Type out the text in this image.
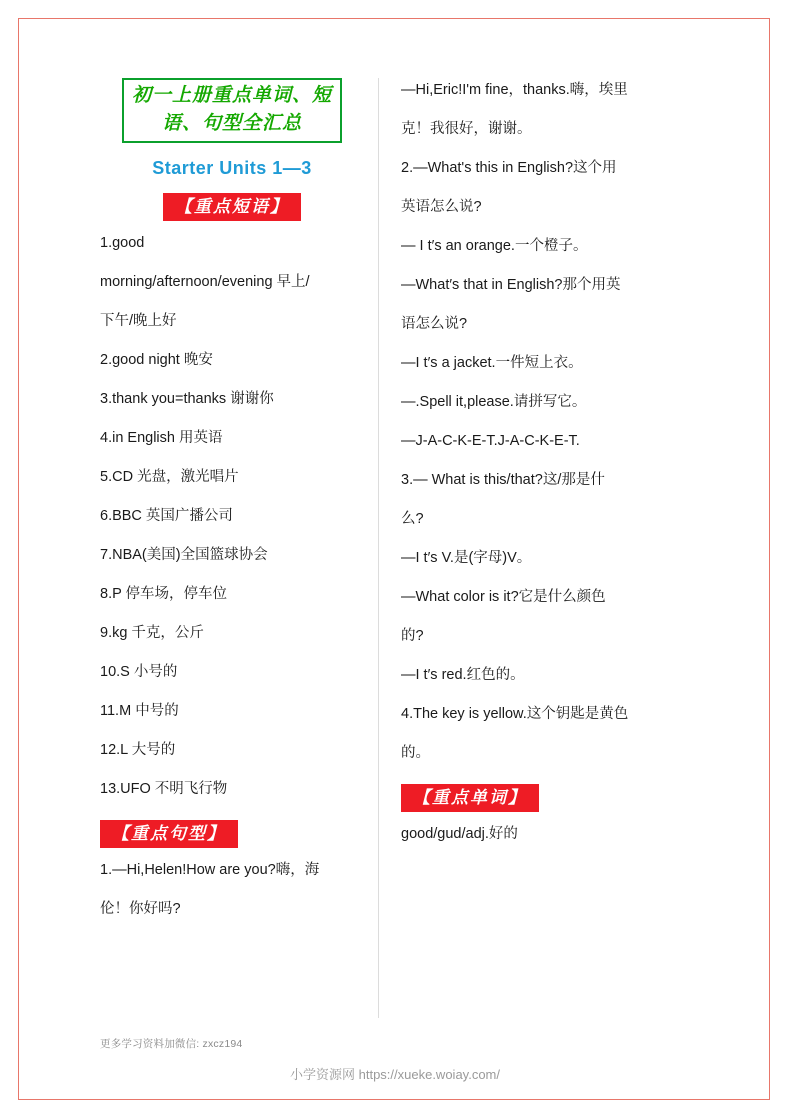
初一上册重点单词、短
语、句型全汇总
Starter Units 1—3
【重点短语】

1.good

morning/afternoon/evening 早上/

下午/晚上好

2.good night 晚安

3.thank you=thanks 谢谢你

4.in English 用英语

5.CD 光盘，激光唱片

6.BBC 英国广播公司

7.NBA(美国)全国篮球协会

8.P 停车场，停车位

9.kg 千克，公斤

10.S 小号的

11.M 中号的

12.L 大号的

13.UFO 不明飞行物

【重点句型】

1.—Hi,Helen!How are you?嗨，海

伦！你好吗?

—Hi,Eric!I'm fine，thanks.嗨，埃里

克！我很好，谢谢。

2.—What's this in English?这个用

英语怎么说?

— I t′s an orange.一个橙子。

—What′s that in English?那个用英

语怎么说?

—I t′s a jacket.一件短上衣。

—.Spell it,please.请拼写它。

—J-A-C-K-E-T.J-A-C-K-E-T.

3.— What is this/that?这/那是什

么?

—I t′s V.是(字母)V。

—What color is it?它是什么颜色

的?

—I t′s red.红色的。

4.The key is yellow.这个钥匙是黄色

的。

【重点单词】

good/gud/adj.好的

更多学习资料加微信: zxcz194
小学资源网 https://xueke.woiay.com/
